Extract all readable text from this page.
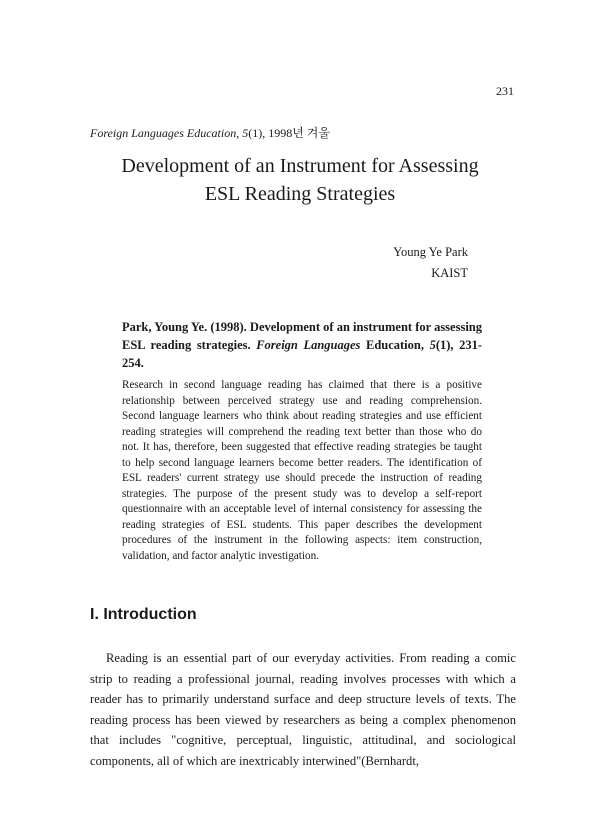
231
Foreign Languages Education, 5(1), 1998년 겨울
Development of an Instrument for Assessing
ESL Reading Strategies
Young Ye Park
KAIST
Park, Young Ye. (1998). Development of an instrument for assessing ESL reading strategies. Foreign Languages Education, 5(1), 231-254.

Research in second language reading has claimed that there is a positive relationship between perceived strategy use and reading comprehension. Second language learners who think about reading strategies and use efficient reading strategies will comprehend the reading text better than those who do not. It has, therefore, been suggested that effective reading strategies be taught to help second language learners become better readers. The identification of ESL readers' current strategy use should precede the instruction of reading strategies. The purpose of the present study was to develop a self-report questionnaire with an acceptable level of internal consistency for assessing the reading strategies of ESL students. This paper describes the development procedures of the instrument in the following aspects: item construction, validation, and factor analytic investigation.

I. Introduction

Reading is an essential part of our everyday activities. From reading a comic strip to reading a professional journal, reading involves processes with which a reader has to primarily understand surface and deep structure levels of texts. The reading process has been viewed by researchers as being a complex phenomenon that includes "cognitive, perceptual, linguistic, attitudinal, and sociological components, all of which are inextricably interwined"(Bernhardt,
